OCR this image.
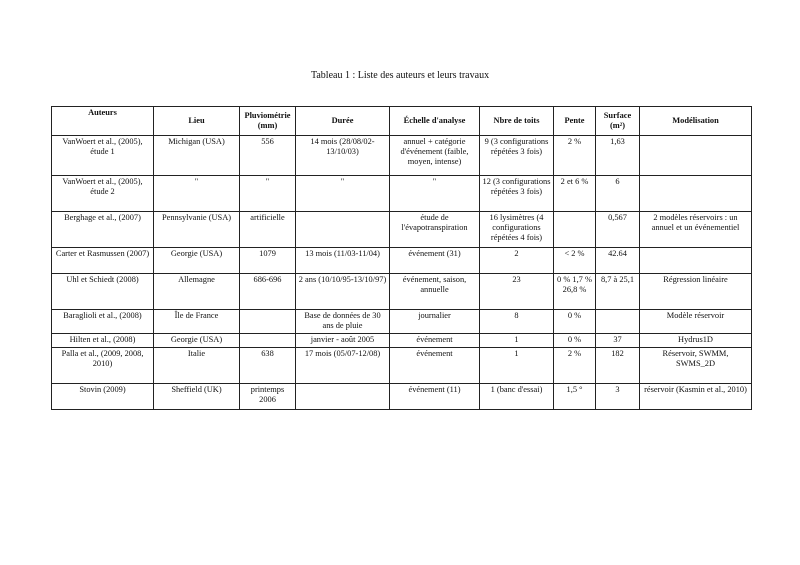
Tableau 1 : Liste des auteurs et leurs travaux
Auteurs	Lieu	Pluviométrie (mm)	Durée	Échelle d'analyse	Nbre de toits	Pente	Surface (m²)	Modélisation
VanWoert et al., (2005), étude 1	Michigan (USA)	556	14 mois (28/08/02-13/10/03)	annuel + catégorie d'événement (faible, moyen, intense)	9 (3 configurations répétées 3 fois)	2 %	1,63	
VanWoert et al., (2005), étude 2	"	"	"	"	12 (3 configurations répétées 3 fois)	2 et 6 %	6	
Berghage et al., (2007)	Pennsylvanie (USA)	artificielle		étude de l'évapotranspiration	16 lysimètres (4 configurations répétées 4 fois)		0,567	2 modèles réservoirs : un annuel et un événementiel
Carter et Rasmussen (2007)	Georgie (USA)	1079	13 mois (11/03-11/04)	événement (31)	2	< 2 %	42.64	
Uhl et Schiedt (2008)	Allemagne	686-696	2 ans (10/10/95-13/10/97)	événement, saison, annuelle	23	0 % 1,7 % 26,8 %	8,7 à 25,1	Régression linéaire
Baraglioli et al., (2008)	Île de France		Base de données de 30 ans de pluie	journalier	8	0 %		Modèle réservoir
Hilten et al., (2008)	Georgie (USA)		janvier - août 2005	événement	1	0 %	37	Hydrus1D
Palla et al., (2009, 2008, 2010)	Italie	638	17 mois (05/07-12/08)	événement	1	2 %	182	Réservoir, SWMM, SWMS_2D
Stovin (2009)	Sheffield (UK)	printemps 2006		événement (11)	1 (banc d'essai)	1,5 °	3	réservoir (Kasmin et al., 2010)
